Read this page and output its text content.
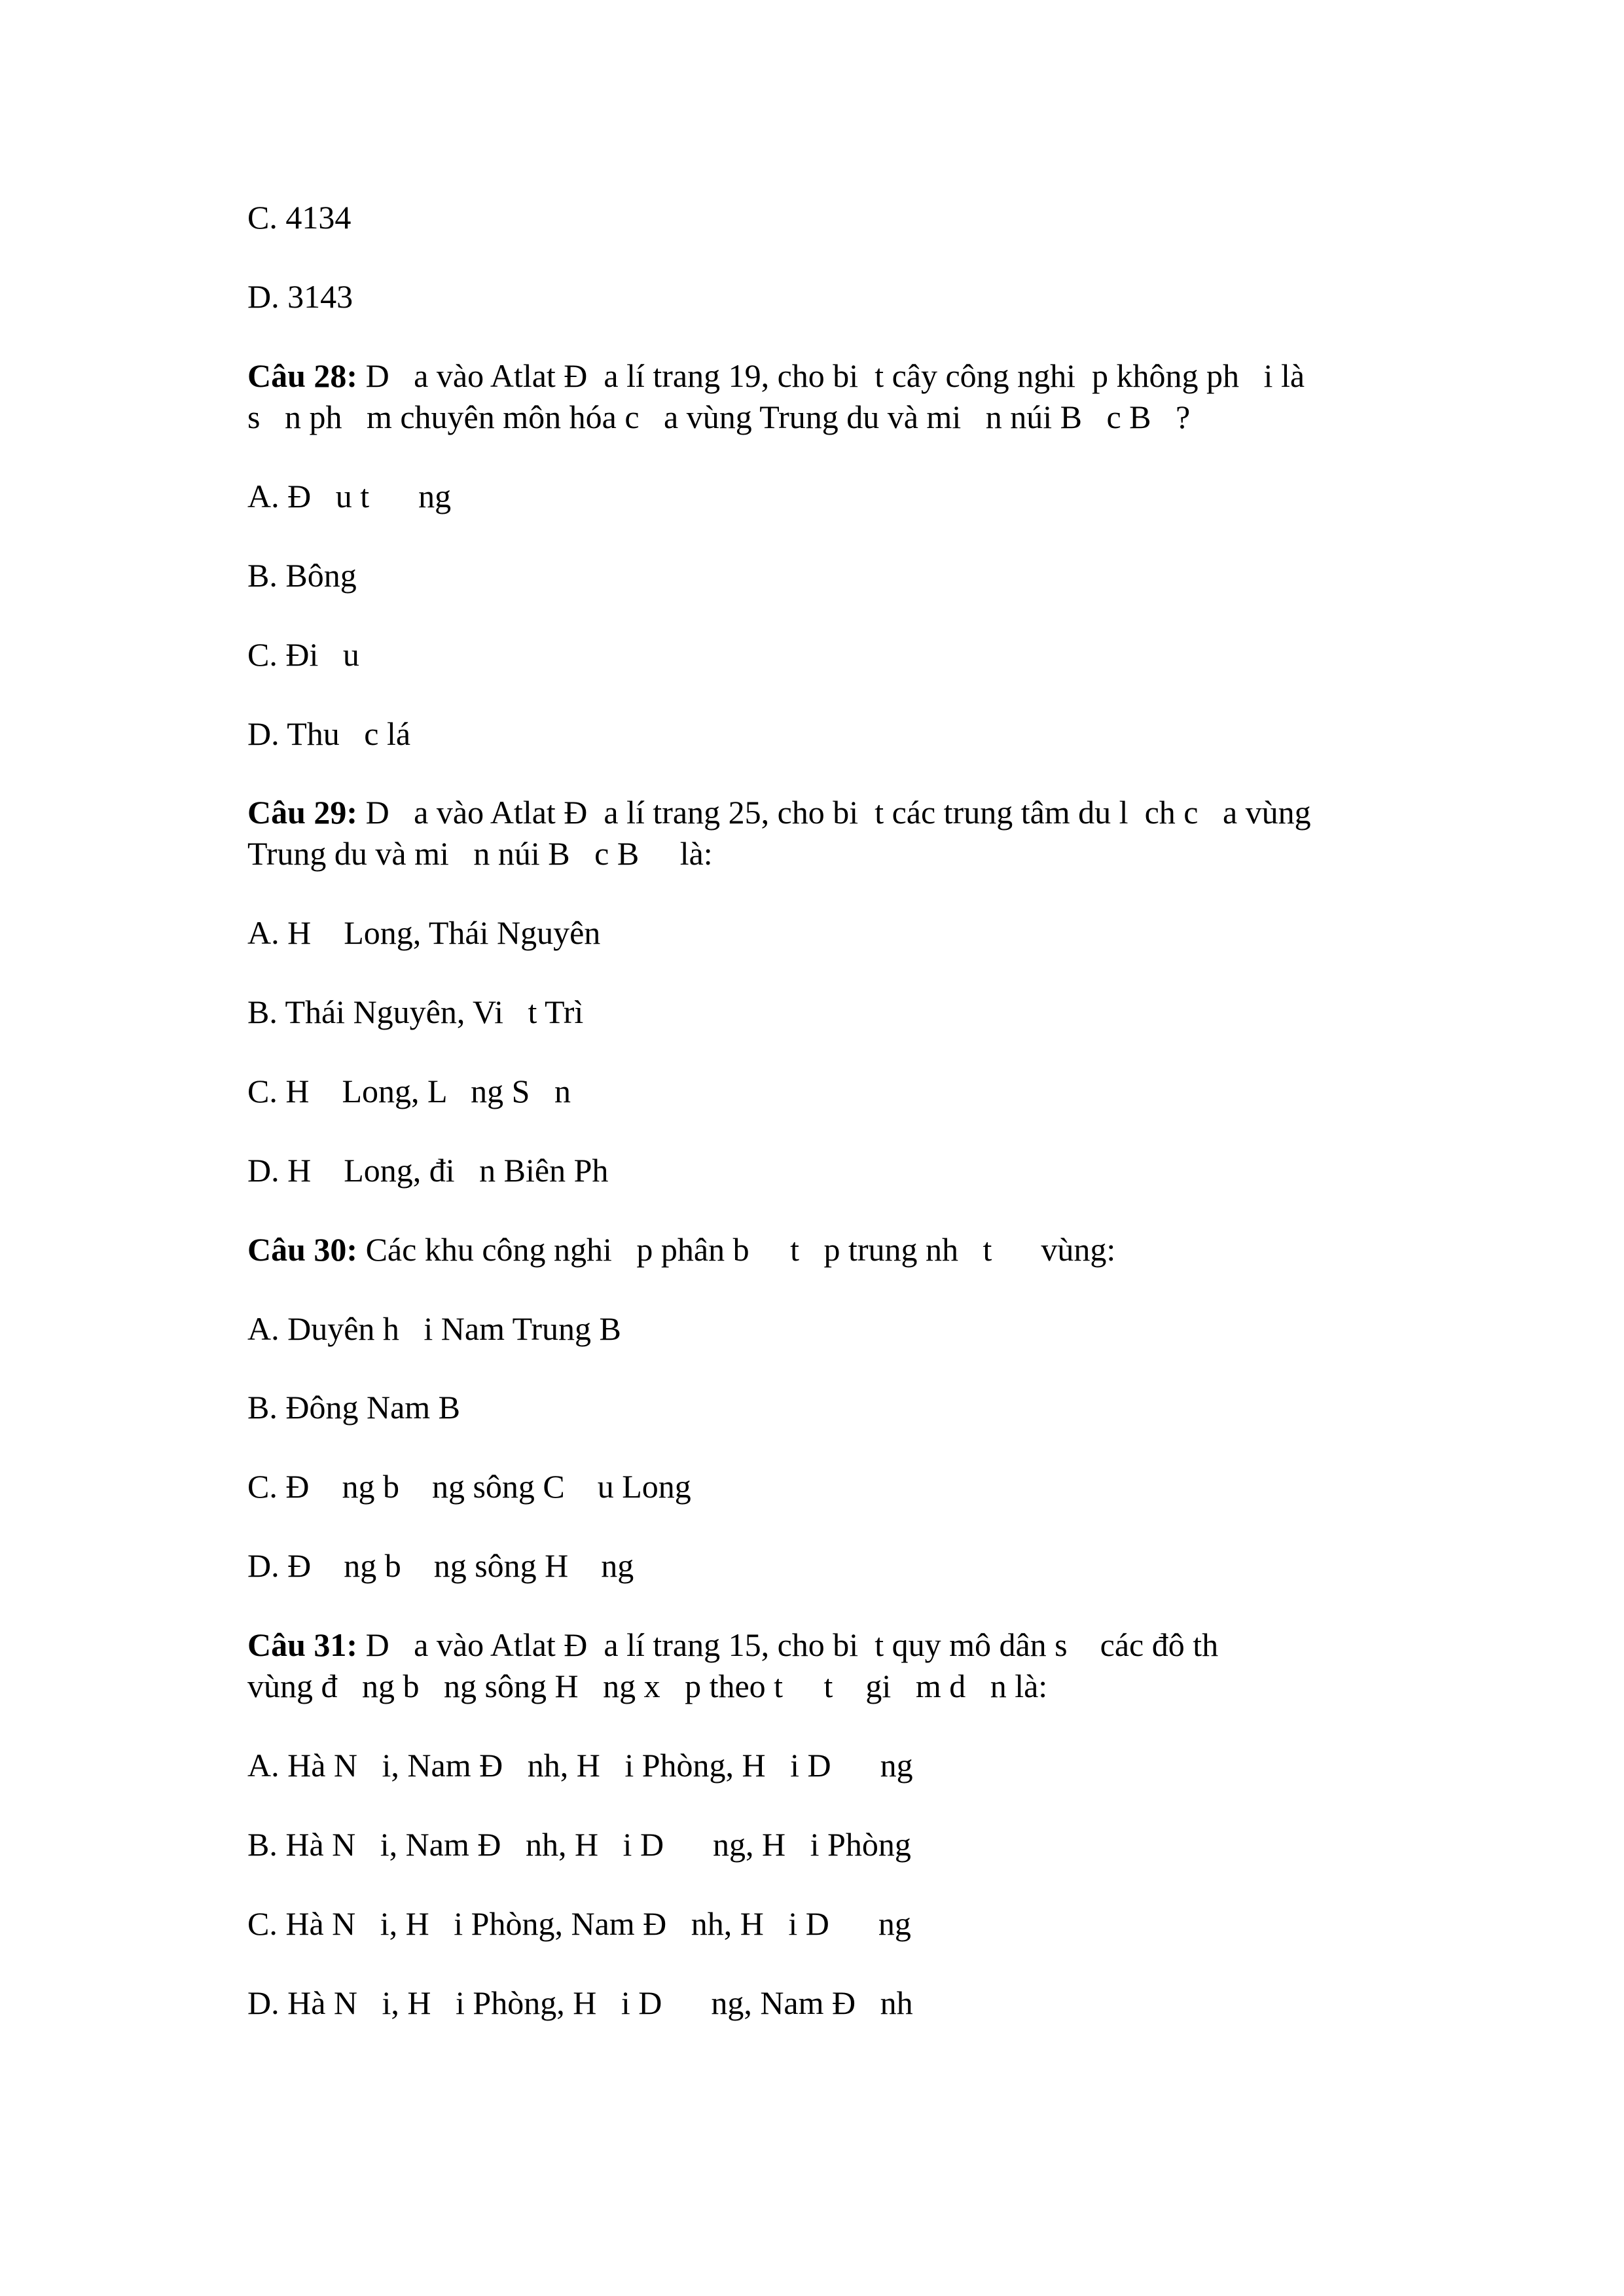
C. 4134
D. 3143
Câu 28: D   a vào Atlat Đ  a lí trang 19, cho bi  t cây công nghi  p không ph   i là
s   n ph   m chuyên môn hóa c   a vùng Trung du và mi   n núi B   c B   ?
A. Đ   u t      ng
B. Bông
C. Đi   u
D. Thu   c lá
Câu 29: D   a vào Atlat Đ  a lí trang 25, cho bi  t các trung tâm du l  ch c   a vùng
Trung du và mi   n núi B   c B     là:
A. H    Long, Thái Nguyên
B. Thái Nguyên, Vi   t Trì
C. H    Long, L   ng S   n
D. H    Long, đi   n Biên Ph
Câu 30: Các khu công nghi   p phân b     t   p trung nh   t      vùng:
A. Duyên h   i Nam Trung B
B. Đông Nam B
C. Đ    ng b    ng sông C    u Long
D. Đ    ng b    ng sông H    ng
Câu 31: D   a vào Atlat Đ  a lí trang 15, cho bi  t quy mô dân s    các đô th
vùng đ   ng b   ng sông H   ng x   p theo t     t    gi   m d   n là:
A. Hà N   i, Nam Đ   nh, H   i Phòng, H   i D      ng
B. Hà N   i, Nam Đ   nh, H   i D      ng, H   i Phòng
C. Hà N   i, H   i Phòng, Nam Đ   nh, H   i D      ng
D. Hà N   i, H   i Phòng, H   i D      ng, Nam Đ   nh
